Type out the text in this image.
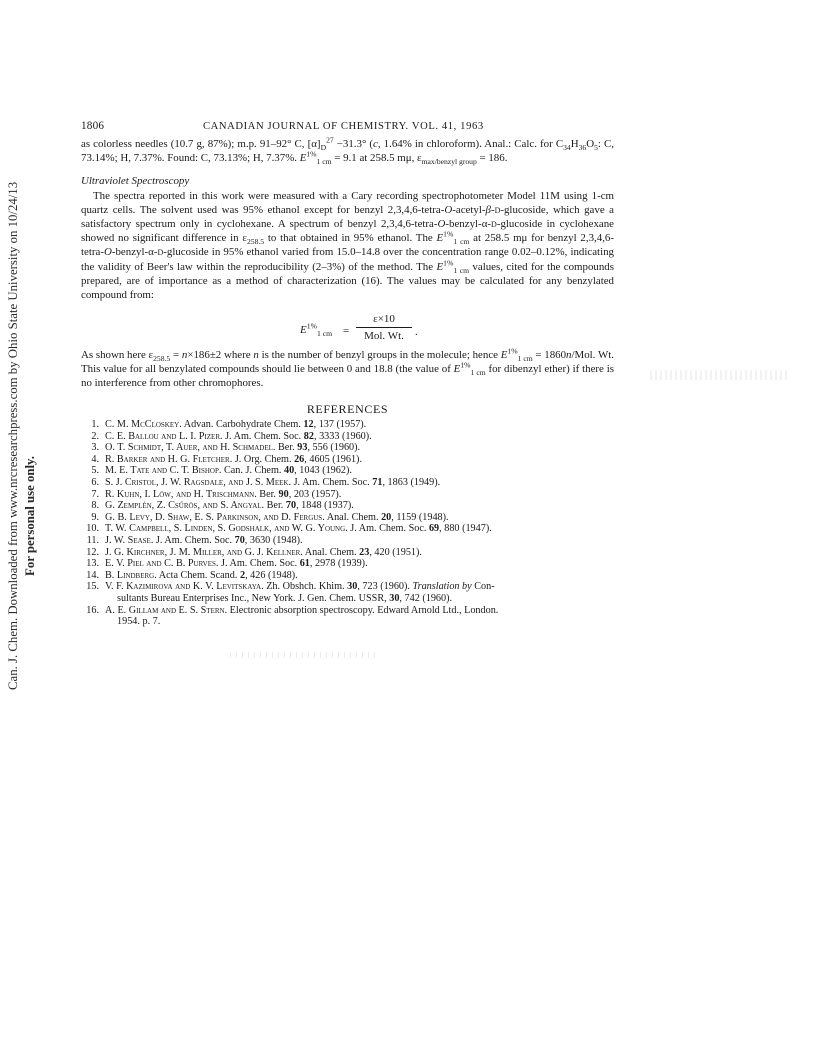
Can. J. Chem. Downloaded from www.nrcresearchpress.com by Ohio State University on 10/24/13 For personal use only.
1806	CANADIAN JOURNAL OF CHEMISTRY. VOL. 41, 1963

as colorless needles (10.7 g, 87%); m.p. 91–92° C, $[\alpha]_D^{27} -31.3^\circ$ (c, 1.64% in chloroform). Anal.: Calc. for $C_{34}H_{36}O_5$: C, 73.14%; H, 7.37%. Found: C, 73.13%; H, 7.37%. $E^{1\%}_{1 cm} = 9.1$ at 258.5 mμ, $\varepsilon_{max/benzyl group} = 186$.

Ultraviolet Spectroscopy

The spectra reported in this work were measured with a Cary recording spectrophotometer Model 11M using 1-cm quartz cells. The solvent used was 95% ethanol except for benzyl 2,3,4,6-tetra-O-acetyl-β-d-glucoside, which gave a satisfactory spectrum only in cyclohexane. A spectrum of benzyl 2,3,4,6-tetra-O-benzyl-α-d-glucoside in cyclohexane showed no significant difference in $\varepsilon_{258.5}$ to that obtained in 95% ethanol. The $E^{1\%}_{1 cm}$ at 258.5 mμ for benzyl 2,3,4,6-tetra-O-benzyl-α-d-glucoside in 95% ethanol varied from 15.0–14.8 over the concentration range 0.02–0.12%, indicating the validity of Beer's law within the reproducibility (2–3%) of the method. The $E^{1\%}_{1 cm}$ values, cited for the compounds prepared, are of importance as a method of characterization (16). The values may be calculated for any benzylated compound from:

$E^{1\%}_{1 cm}$ =
ε×10
Mol. Wt.	.

As shown here $\varepsilon_{258.5} = n\times 186\pm 2$ where n is the number of benzyl groups in the molecule; hence $E^{1\%}_{1 cm} = 1860n/Mol$. Wt. This value for all benzylated compounds should lie between 0 and 18.8 (the value of $E^{1\%}_{1 cm}$ for dibenzyl ether) if there is no interference from other chromophores.

REFERENCES
1. C. M. McCloskey. Advan. Carbohydrate Chem. 12, 137 (1957).
2. C. E. Ballou and L. I. Pizer. J. Am. Chem. Soc. 82, 3333 (1960).
3. O. T. Schmidt, T. Auer, and H. Schmadel. Ber. 93, 556 (1960).
4. R. Barker and H. G. Fletcher. J. Org. Chem. 26, 4605 (1961).
5. M. E. Tate and C. T. Bishop. Can. J. Chem. 40, 1043 (1962).
6. S. J. Cristol, J. W. Ragsdale, and J. S. Meek. J. Am. Chem. Soc. 71, 1863 (1949).
7. R. Kuhn, I. Löw, and H. Trischmann. Ber. 90, 203 (1957).
8. G. Zemplén, Z. Csűrös, and S. Angyal. Ber. 70, 1848 (1937).
9. G. B. Levy, D. Shaw, E. S. Parkinson, and D. Fergus. Anal. Chem. 20, 1159 (1948).
10. T. W. Campbell, S. Linden, S. Godshalk, and W. G. Young. J. Am. Chem. Soc. 69, 880 (1947).
11. J. W. Sease. J. Am. Chem. Soc. 70, 3630 (1948).
12. J. G. Kirchner, J. M. Miller, and G. J. Kellner. Anal. Chem. 23, 420 (1951).
13. E. V. Piel and C. B. Purves. J. Am. Chem. Soc. 61, 2978 (1939).
14. B. Lindberg. Acta Chem. Scand. 2, 426 (1948).
15. V. F. Kazimirova and K. V. Levitskaya. Zh. Obshch. Khim. 30, 723 (1960). Translation by Con-
sultants Bureau Enterprises Inc., New York. J. Gen. Chem. USSR, 30, 742 (1960).
16. A. E. Gillam and E. S. Stern. Electronic absorption spectroscopy. Edward Arnold Ltd., London.
1954. p. 7.
